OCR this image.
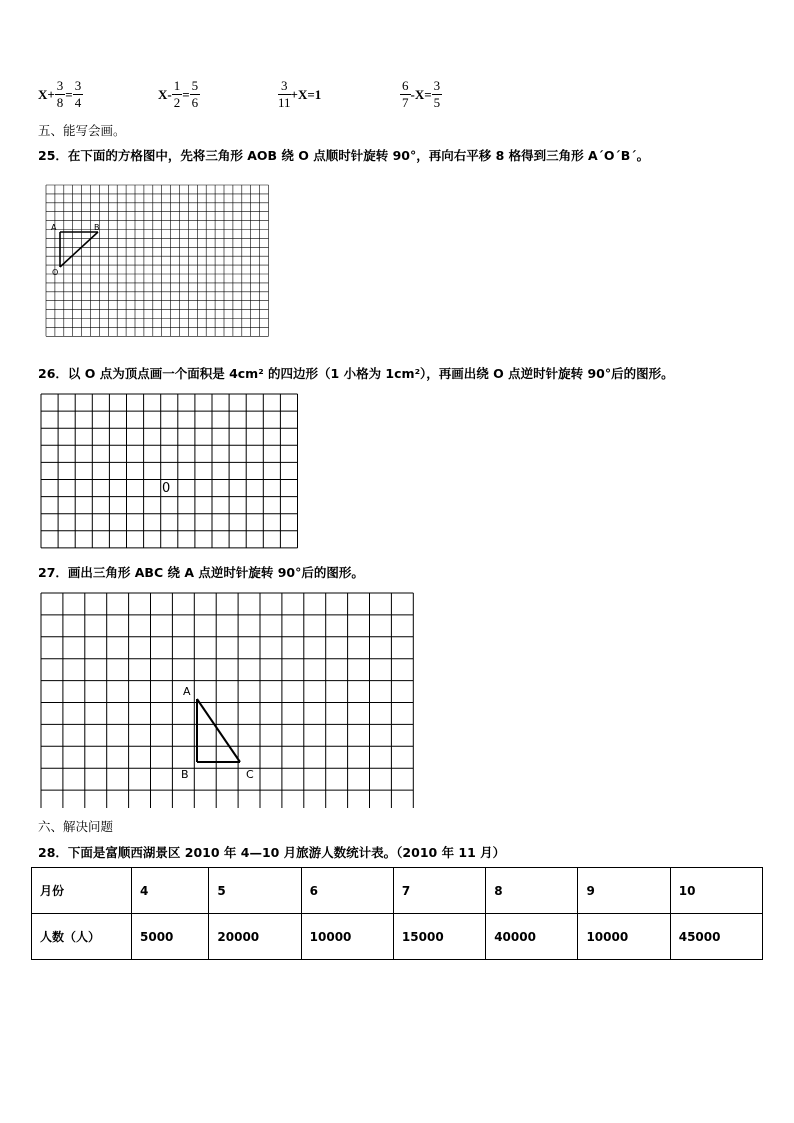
$X+ \frac{3}{8} = \frac{3}{4}$	$X- \frac{1}{2} = \frac{5}{6}$	$\frac{3}{11} +X=1$	$\frac{6}{7} -X= \frac{3}{5}$
五、能写会画。
25．在下面的方格图中，先将三角形 AOB 绕 O 点顺时针旋转 90°，再向右平移 8 格得到三角形 A´O´B´。
A	B
O
26．以 O 点为顶点画一个面积是 4cm² 的四边形（1 小格为 1cm²），再画出绕 O 点逆时针旋转 90°后的图形。
0
27．画出三角形 ABC 绕 A 点逆时针旋转 90°后的图形。
A
B	C
六、解决问题
28．下面是富顺西湖景区 2010 年 4—10 月旅游人数统计表。（2010 年 11 月）
月份	4	5	6	7	8	9	10
人数（人）	5000	20000	10000	15000	40000	10000	45000
